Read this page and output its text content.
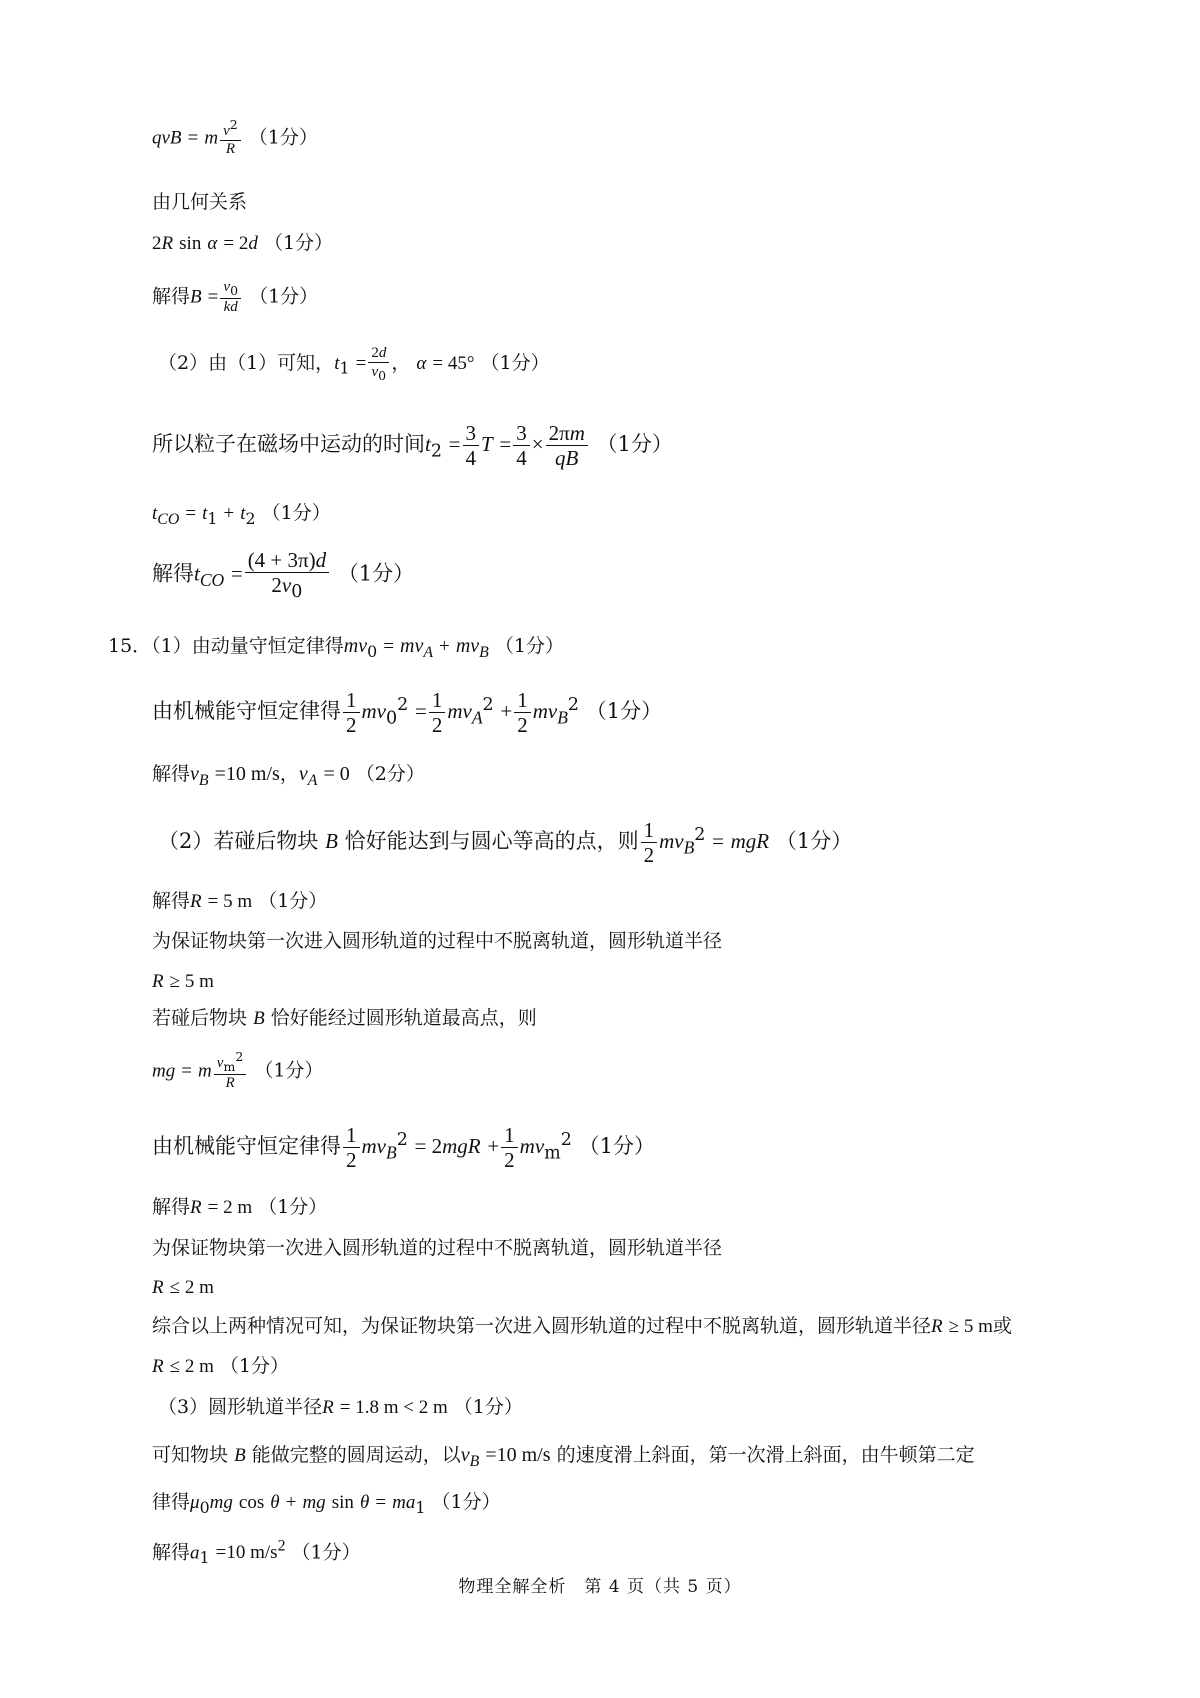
qvB = m $\frac{v^2}{R} (1$分）
由几何关系
2R sin α = 2d （1分）
解得$B = \frac{v_0}{kd} (1$分）
（2）由（1）可知，$t_1 = \frac{2d}{v_0}$ ， α = 45° （1分）
所以粒子在磁场中运动的时间$t_2 = \frac{3}{4}$ $T = \frac{3}{4} \times \frac{2\pi m}{qB} (1$分）
$t_{CO} = t_1 + t_2$ （1分）
解得$t_{CO} = \frac{(4 + 3\pi)d}{2v_0} (1$分）
15．（1）由动量守恒定律得$mv_0 = mv_A + mv_B$ （1分）
由机械能守恒定律得 $\frac{1}{2} mv_0^2 = \frac{1}{2} mv_A^2 + \frac{1}{2} mv_B^2$ （1分）
解得$v_B =10$ m/s，$v_A = 0$ （2分）
（2）若碰后物块 B 恰好能达到与圆心等高的点，则 $\frac{1}{2} mv_B^2$ = mgR （1分）
解得R = 5 m （1分）
为保证物块第一次进入圆形轨道的过程中不脱离轨道，圆形轨道半径
R ≥ 5 m
若碰后物块 B 恰好能经过圆形轨道最高点，则
mg = m $\frac{v_m^2}{R} (1$分）
由机械能守恒定律得 $\frac{1}{2} mv_B^2 = 2mgR + \frac{1}{2} mv_m^2$ （1分）
解得R = 2 m （1分）
为保证物块第一次进入圆形轨道的过程中不脱离轨道，圆形轨道半径
R ≤ 2 m
综合以上两种情况可知，为保证物块第一次进入圆形轨道的过程中不脱离轨道，圆形轨道半径R ≥ 5 m或
R ≤ 2 m （1分）
（3）圆形轨道半径R = 1.8 m < 2 m （1分）
可知物块 B 能做完整的圆周运动，以$v_B =10$ m/s 的速度滑上斜面，第一次滑上斜面，由牛顿第二定
律得$\mu_0mg$ cos θ + mg $\sin \theta = ma_1$ （1分）
解得$a_1 =10$ $m/s^2$ （1分）
物理全解全析　第 4 页（共 5 页）
